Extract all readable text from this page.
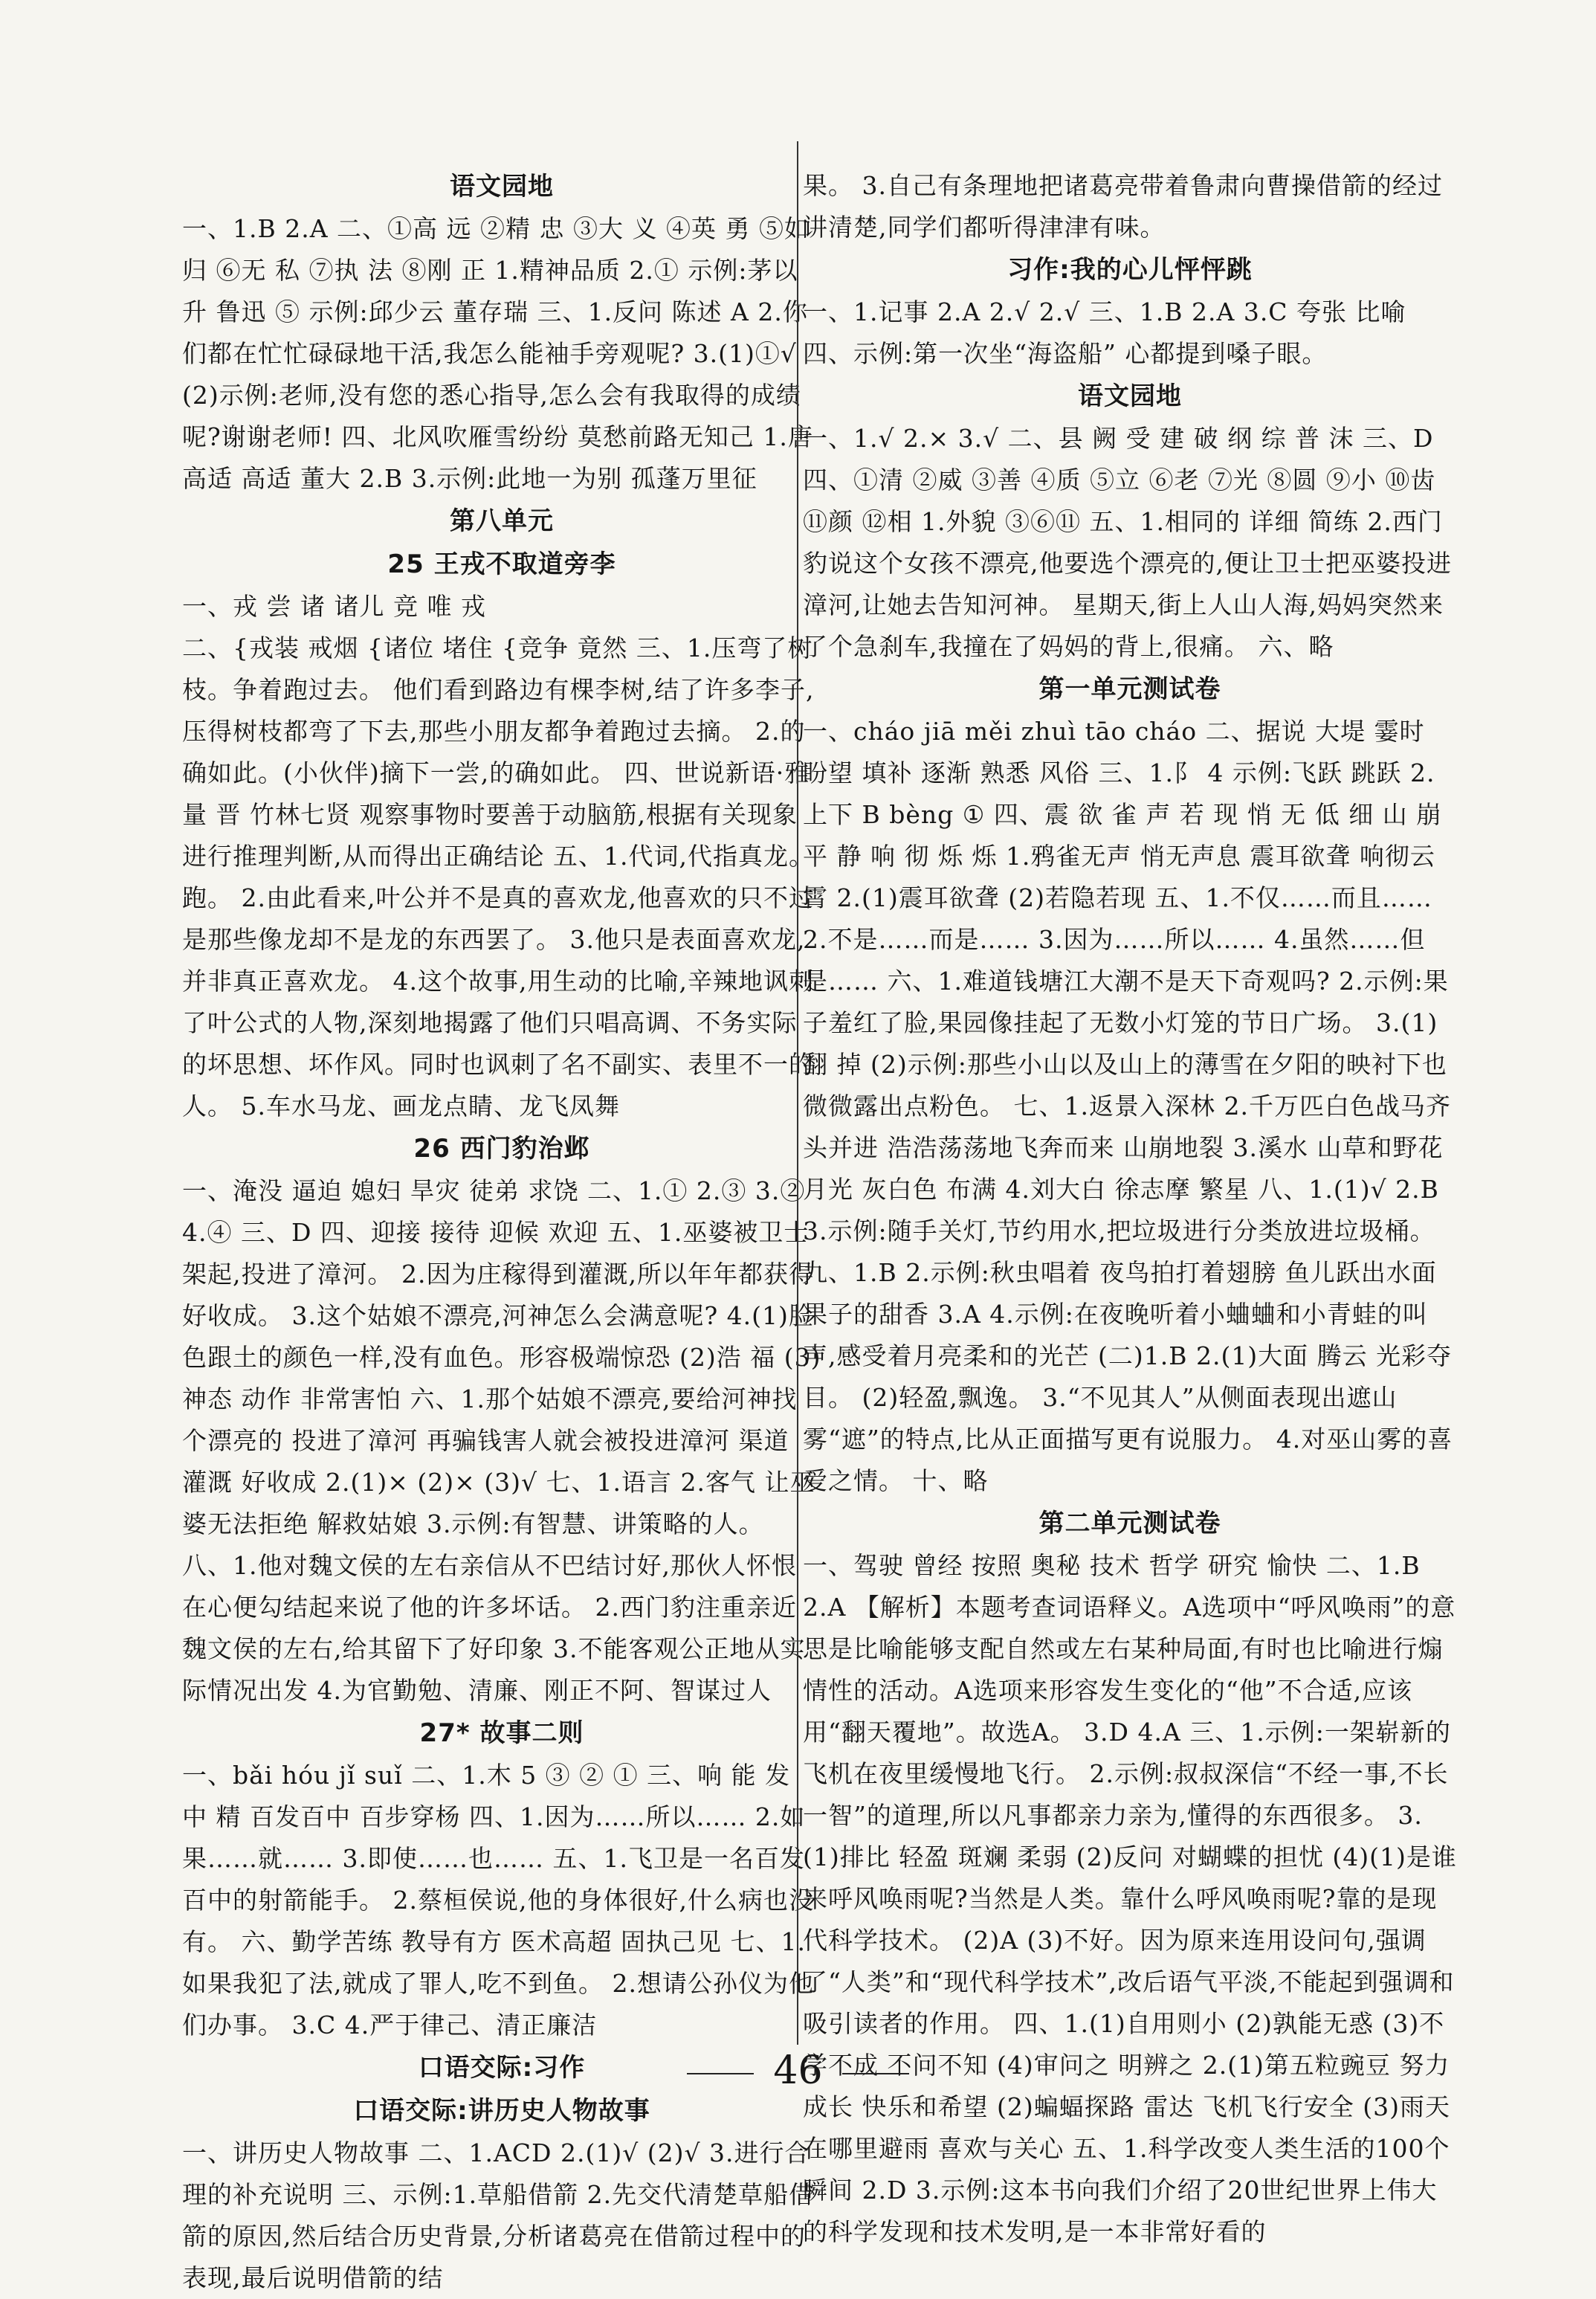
语文园地

一、1.B 2.A 二、①高 远 ②精 忠 ③大 义 ④英 勇 ⑤如 归 ⑥无 私 ⑦执 法 ⑧刚 正 1.精神品质 2.① 示例:茅以升 鲁迅 ⑤ 示例:邱少云 董存瑞 三、1.反问 陈述 A 2.你们都在忙忙碌碌地干活,我怎么能袖手旁观呢? 3.(1)①√ (2)示例:老师,没有您的悉心指导,怎么会有我取得的成绩呢?谢谢老师! 四、北风吹雁雪纷纷 莫愁前路无知己 1.唐 高适 高适 董大 2.B 3.示例:此地一为别 孤蓬万里征

第八单元
25 王戎不取道旁李

一、戎 尝 诸 诸儿 竞 唯 戎

二、{戎装 戒烟 {诸位 堵住 {竞争 竟然 三、1.压弯了树枝。争着跑过去。 他们看到路边有棵李树,结了许多李子,压得树枝都弯了下去,那些小朋友都争着跑过去摘。 2.的确如此。(小伙伴)摘下一尝,的确如此。 四、世说新语·雅量 晋 竹林七贤 观察事物时要善于动脑筋,根据有关现象进行推理判断,从而得出正确结论 五、1.代词,代指真龙。 跑。 2.由此看来,叶公并不是真的喜欢龙,他喜欢的只不过是那些像龙却不是龙的东西罢了。 3.他只是表面喜欢龙,并非真正喜欢龙。 4.这个故事,用生动的比喻,辛辣地讽刺了叶公式的人物,深刻地揭露了他们只唱高调、不务实际的坏思想、坏作风。同时也讽刺了名不副实、表里不一的人。 5.车水马龙、画龙点睛、龙飞凤舞

26 西门豹治邺

一、淹没 逼迫 媳妇 旱灾 徒弟 求饶 二、1.① 2.③ 3.② 4.④ 三、D 四、迎接 接待 迎候 欢迎 五、1.巫婆被卫士架起,投进了漳河。 2.因为庄稼得到灌溉,所以年年都获得好收成。 3.这个姑娘不漂亮,河神怎么会满意呢? 4.(1)脸色跟土的颜色一样,没有血色。形容极端惊恐 (2)浩 福 (3)神态 动作 非常害怕 六、1.那个姑娘不漂亮,要给河神找个漂亮的 投进了漳河 再骗钱害人就会被投进漳河 渠道 灌溉 好收成 2.(1)× (2)× (3)√ 七、1.语言 2.客气 让巫婆无法拒绝 解救姑娘 3.示例:有智慧、讲策略的人。

八、1.他对魏文侯的左右亲信从不巴结讨好,那伙人怀恨在心便勾结起来说了他的许多坏话。 2.西门豹注重亲近魏文侯的左右,给其留下了好印象 3.不能客观公正地从实际情况出发 4.为官勤勉、清廉、刚正不阿、智谋过人

27* 故事二则

一、bǎi hóu jǐ suǐ 二、1.木 5 ③ ② ① 三、响 能 发 中 精 百发百中 百步穿杨 四、1.因为……所以…… 2.如果……就…… 3.即使……也…… 五、1.飞卫是一名百发百中的射箭能手。 2.蔡桓侯说,他的身体很好,什么病也没有。 六、勤学苦练 教导有方 医术高超 固执己见 七、1.如果我犯了法,就成了罪人,吃不到鱼。 2.想请公孙仪为他们办事。 3.C 4.严于律己、清正廉洁

口语交际:习作
口语交际:讲历史人物故事

一、讲历史人物故事 二、1.ACD 2.(1)√ (2)√ 3.进行合理的补充说明 三、示例:1.草船借箭 2.先交代清楚草船借箭的原因,然后结合历史背景,分析诸葛亮在借箭过程中的表现,最后说明借箭的结

果。 3.自己有条理地把诸葛亮带着鲁肃向曹操借箭的经过讲清楚,同学们都听得津津有味。

习作:我的心儿怦怦跳

一、1.记事 2.A 2.√ 2.√ 三、1.B 2.A 3.C 夸张 比喻 四、示例:第一次坐“海盗船” 心都提到嗓子眼。

语文园地

一、1.√ 2.× 3.√ 二、县 阙 受 建 破 纲 综 普 沫 三、D 四、①清 ②威 ③善 ④质 ⑤立 ⑥老 ⑦光 ⑧圆 ⑨小 ⑩齿 ⑪颜 ⑫相 1.外貌 ③⑥⑪ 五、1.相同的 详细 简练 2.西门豹说这个女孩不漂亮,他要选个漂亮的,便让卫士把巫婆投进漳河,让她去告知河神。 星期天,街上人山人海,妈妈突然来了个急刹车,我撞在了妈妈的背上,很痛。 六、略

第一单元测试卷

一、cháo jiā měi zhuì tāo cháo 二、据说 大堤 霎时 盼望 填补 逐渐 熟悉 风俗 三、1.阝 4 示例:飞跃 跳跃 2.上下 B bèng ① 四、震 欲 雀 声 若 现 悄 无 低 细 山 崩 平 静 响 彻 烁 烁 1.鸦雀无声 悄无声息 震耳欲聋 响彻云霄 2.(1)震耳欲聋 (2)若隐若现 五、1.不仅……而且…… 2.不是……而是…… 3.因为……所以…… 4.虽然……但是…… 六、1.难道钱塘江大潮不是天下奇观吗? 2.示例:果子羞红了脸,果园像挂起了无数小灯笼的节日广场。 3.(1)翻 掉 (2)示例:那些小山以及山上的薄雪在夕阳的映衬下也微微露出点粉色。 七、1.返景入深林 2.千万匹白色战马齐头并进 浩浩荡荡地飞奔而来 山崩地裂 3.溪水 山草和野花 月光 灰白色 布满 4.刘大白 徐志摩 繁星 八、1.(1)√ 2.B 3.示例:随手关灯,节约用水,把垃圾进行分类放进垃圾桶。 九、1.B 2.示例:秋虫唱着 夜鸟拍打着翅膀 鱼儿跃出水面 果子的甜香 3.A 4.示例:在夜晚听着小蛐蛐和小青蛙的叫声,感受着月亮柔和的光芒 (二)1.B 2.(1)大面 腾云 光彩夺目。 (2)轻盈,飘逸。 3.“不见其人”从侧面表现出遮山雾“遮”的特点,比从正面描写更有说服力。 4.对巫山雾的喜爱之情。 十、略

第二单元测试卷

一、驾驶 曾经 按照 奥秘 技术 哲学 研究 愉快 二、1.B 2.A 【解析】本题考查词语释义。A选项中“呼风唤雨”的意思是比喻能够支配自然或左右某种局面,有时也比喻进行煽情性的活动。A选项来形容发生变化的“他”不合适,应该用“翻天覆地”。故选A。 3.D 4.A 三、1.示例:一架崭新的飞机在夜里缓慢地飞行。 2.示例:叔叔深信“不经一事,不长一智”的道理,所以凡事都亲力亲为,懂得的东西很多。 3.(1)排比 轻盈 斑斓 柔弱 (2)反问 对蝴蝶的担忧 (4)(1)是谁来呼风唤雨呢?当然是人类。靠什么呼风唤雨呢?靠的是现代科学技术。 (2)A (3)不好。因为原来连用设问句,强调了“人类”和“现代科学技术”,改后语气平淡,不能起到强调和吸引读者的作用。 四、1.(1)自用则小 (2)孰能无惑 (3)不学不成 不问不知 (4)审问之 明辨之 2.(1)第五粒豌豆 努力成长 快乐和希望 (2)蝙蝠探路 雷达 飞机飞行安全 (3)雨天在哪里避雨 喜欢与关心 五、1.科学改变人类生活的100个瞬间 2.D 3.示例:这本书向我们介绍了20世纪世界上伟大的科学发现和技术发明,是一本非常好看的

46
